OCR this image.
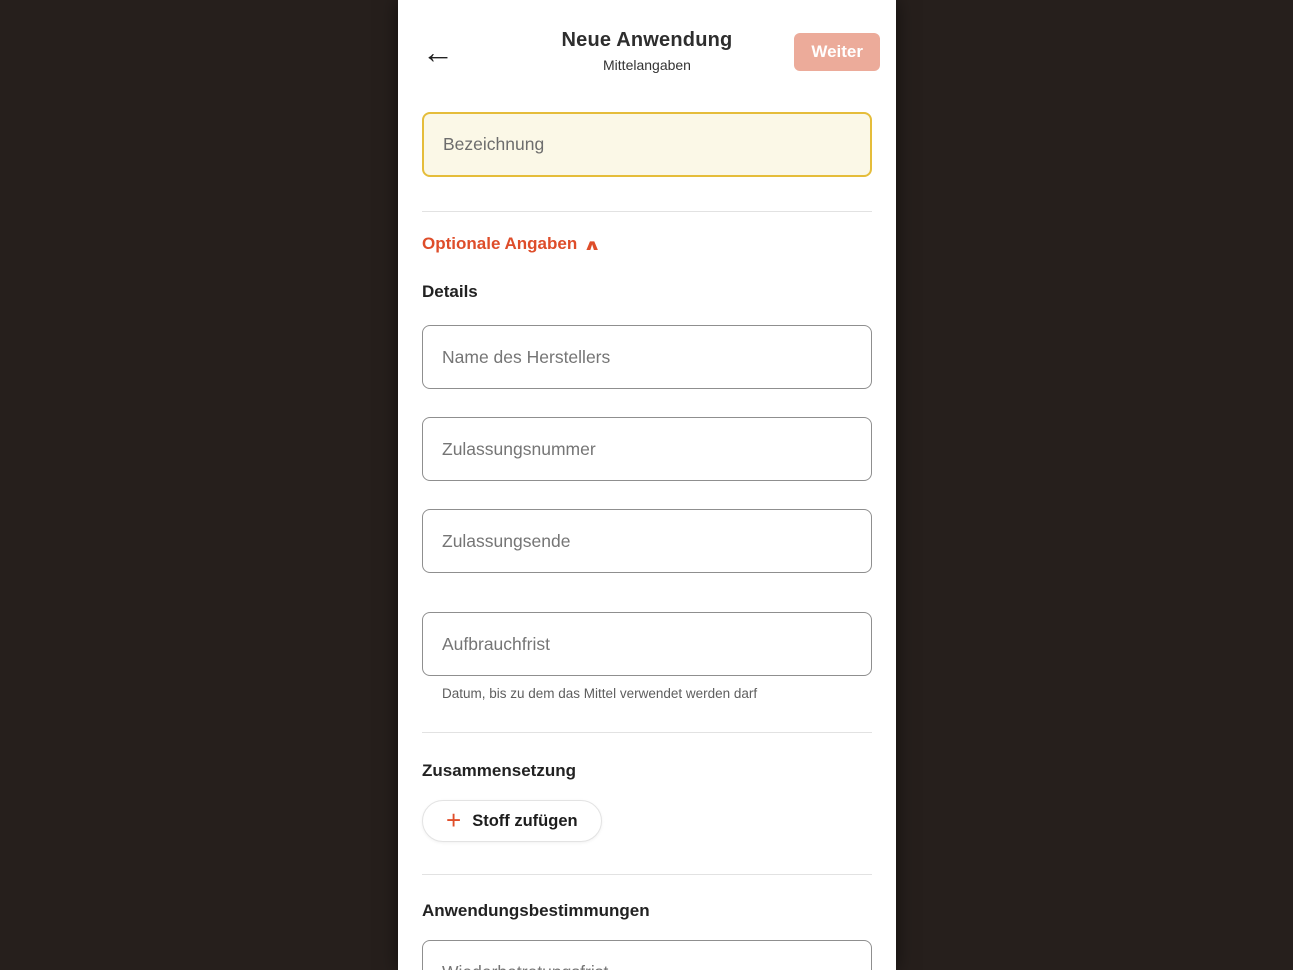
Bezeichnung
Optionale Angaben ∧
Details
Name des Herstellers
Zulassungsnummer
Zulassungsende
Aufbrauchfrist
Datum, bis zu dem das Mittel verwendet werden darf
Zusammensetzung
+ Stoff zufügen
Anwendungsbestimmungen
Wiederbetretungsfrist
←	Neue Anwendung
Mittelangaben
Weiter
